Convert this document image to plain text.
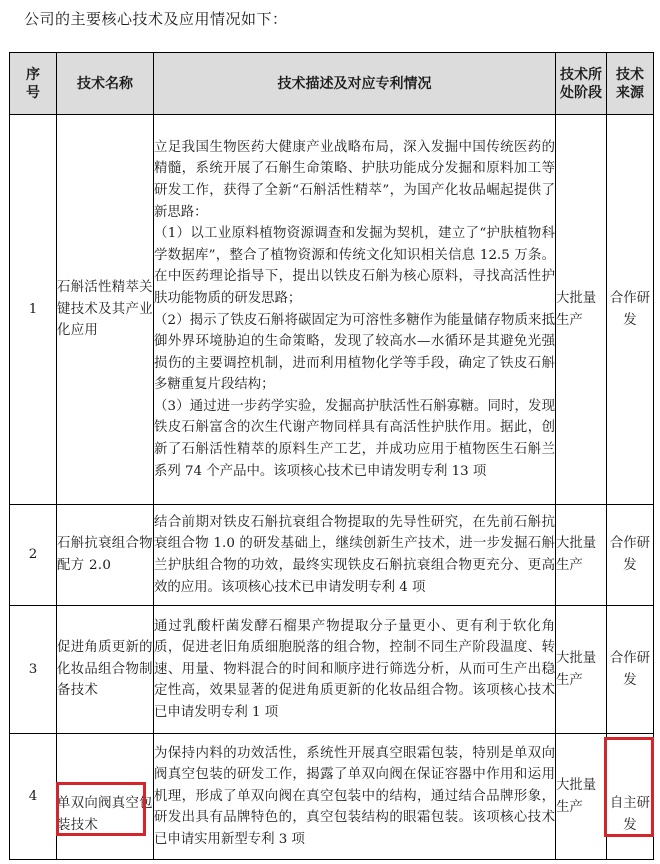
公司的主要核心技术及应用情况如下：
序号	技术名称	技术描述及对应专利情况	技术所处阶段	技术来源
1	石斛活性精萃关键技术及其产业化应用	立足我国生物医药大健康产业战略布局，深入发掘中国传统医药的精髓，系统开展了石斛生命策略、护肤功能成分发掘和原料加工等研发工作，获得了全新“石斛活性精萃”，为国产化妆品崛起提供了新思路：

（1）以工业原料植物资源调查和发掘为契机，建立了“护肤植物科学数据库”，整合了植物资源和传统文化知识相关信息 12.5 万条。在中医药理论指导下，提出以铁皮石斛为核心原料，寻找高活性护肤功能物质的研发思路；

（2）揭示了铁皮石斛将碳固定为可溶性多糖作为能量储存物质来抵御外界环境胁迫的生命策略，发现了较高水—水循环是其避免光强损伤的主要调控机制，进而利用植物化学等手段，确定了铁皮石斛多糖重复片段结构；

（3）通过进一步药学实验，发掘高护肤活性石斛寡糖。同时，发现铁皮石斛富含的次生代谢产物同样具有高活性护肤作用。据此，创新了石斛活性精萃的原料生产工艺，并成功应用于植物医生石斛兰系列 74 个产品中。该项核心技术已申请发明专利 13 项	大批量生产	合作研发
2	石斛抗衰组合物配方 2.0	结合前期对铁皮石斛抗衰组合物提取的先导性研究，在先前石斛抗衰组合物 1.0 的研发基础上，继续创新生产技术，进一步发掘石斛兰护肤组合物的功效，最终实现铁皮石斛抗衰组合物更充分、更高效的应用。该项核心技术已申请发明专利 4 项	大批量生产	合作研发
3	促进角质更新的化妆品组合物制备技术	通过乳酸杆菌发酵石榴果产物提取分子量更小、更有利于软化角质，促进老旧角质细胞脱落的组合物，控制不同生产阶段温度、转速、用量、物料混合的时间和顺序进行筛选分析，从而可生产出稳定性高，效果显著的促进角质更新的化妆品组合物。该项核心技术已申请发明专利 1 项	大批量生产	合作研发
4	单双向阀真空包装技术	为保持内料的功效活性，系统性开展真空眼霜包装，特别是单双向阀真空包装的研发工作，揭露了单双向阀在保证容器中作用和运用机理，形成了单双向阀在真空包装中的结构，通过结合品牌形象，研发出具有品牌特色的，真空包装结构的眼霜包装。该项核心技术已申请实用新型专利 3 项	大批量生产	自主研发
